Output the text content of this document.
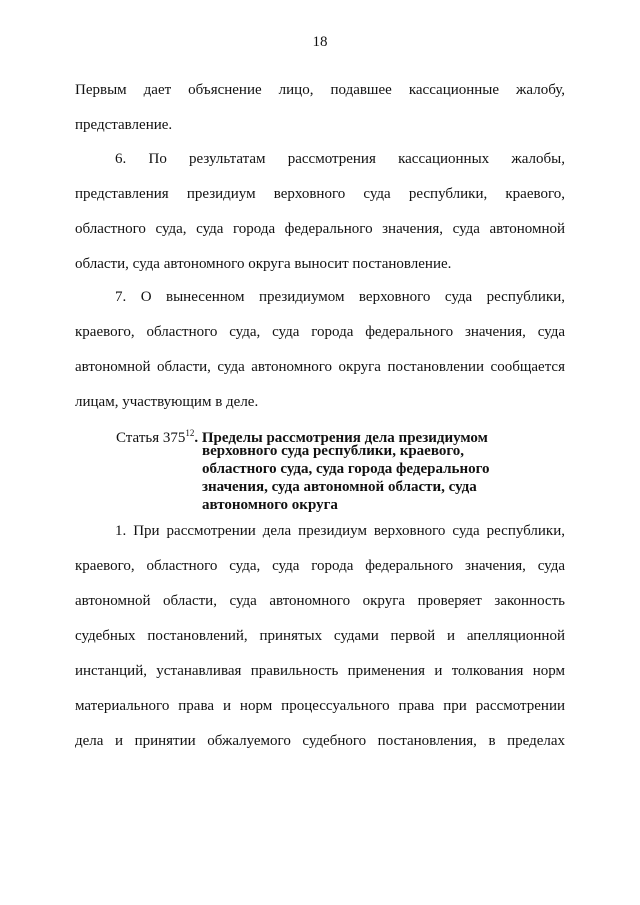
18
Первым дает объяснение лицо, подавшее кассационные жалобу,
представление.
6. По результатам рассмотрения кассационных жалобы,
представления президиум верховного суда республики, краевого,
областного суда, суда города федерального значения, суда автономной
области, суда автономного округа выносит постановление.
7. О вынесенном президиумом верховного суда республики,
краевого, областного суда, суда города федерального значения, суда
автономной области, суда автономного округа постановлении сообщается
лицам, участвующим в деле.
Статья $375^{12}$. Пределы рассмотрения дела президиумом
верховного суда республики, краевого,
областного суда, суда города федерального
значения, суда автономной области, суда
автономного округа
1. При рассмотрении дела президиум верховного суда республики,
краевого, областного суда, суда города федерального значения, суда
автономной области, суда автономного округа проверяет законность
судебных постановлений, принятых судами первой и апелляционной
инстанций, устанавливая правильность применения и толкования норм
материального права и норм процессуального права при рассмотрении
дела и принятии обжалуемого судебного постановления, в пределах
